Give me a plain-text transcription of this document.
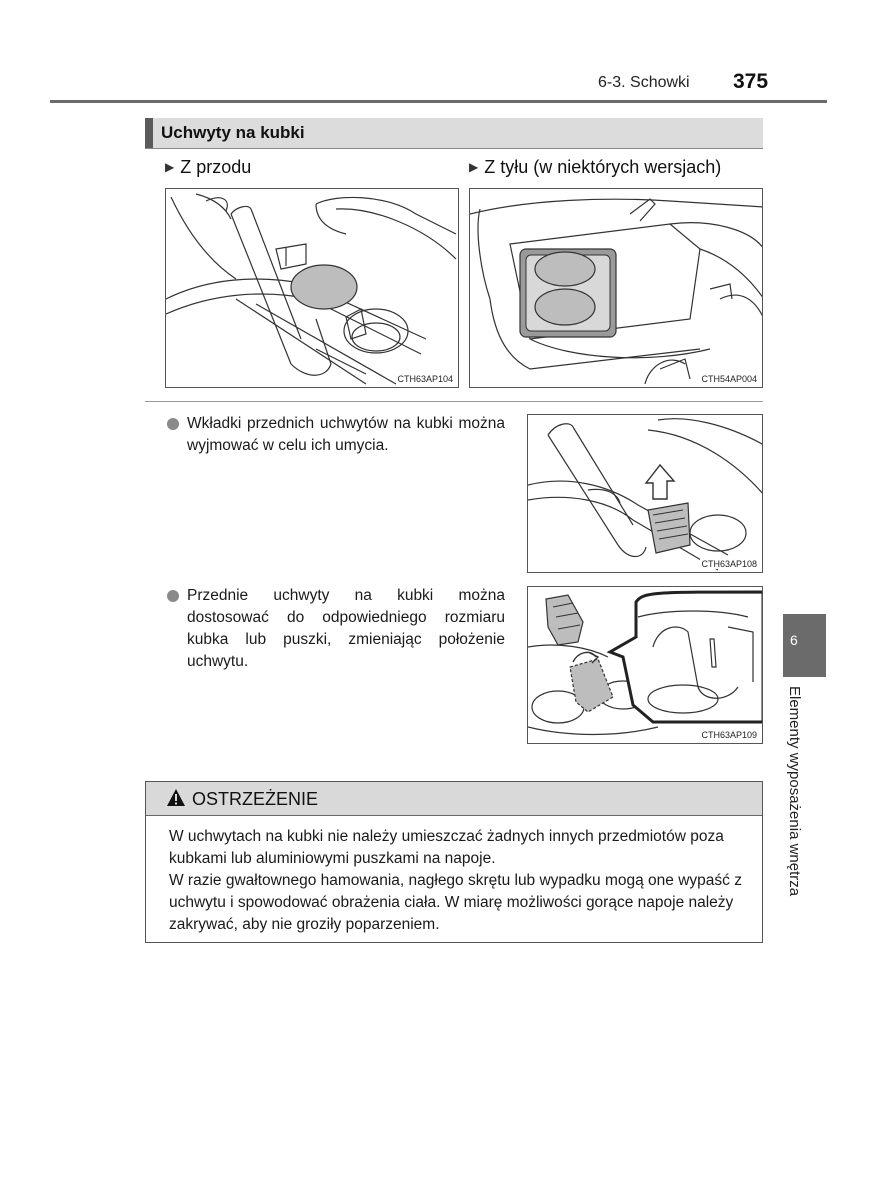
6-3. Schowki 375
Uchwyty na kubki
▶ Z przodu	▶ Z tyłu (w niektórych wersjach)
CTH63AP104	CTH54AP004
Wkładki przednich uchwytów na kubki można wyjmować w celu ich umycia.
CTH63AP108
Przednie uchwyty na kubki można dostosować do odpowiedniego rozmiaru kubka lub puszki, zmieniając położenie uchwytu.
CTH63AP109
6
Elementy wyposażenia wnętrza
OSTRZEŻENIE

W uchwytach na kubki nie należy umieszczać żadnych innych przedmiotów poza kubkami lub aluminiowymi puszkami na napoje.

W razie gwałtownego hamowania, nagłego skrętu lub wypadku mogą one wypaść z uchwytu i spowodować obrażenia ciała. W miarę możliwości gorące napoje należy zakrywać, aby nie groziły poparzeniem.
